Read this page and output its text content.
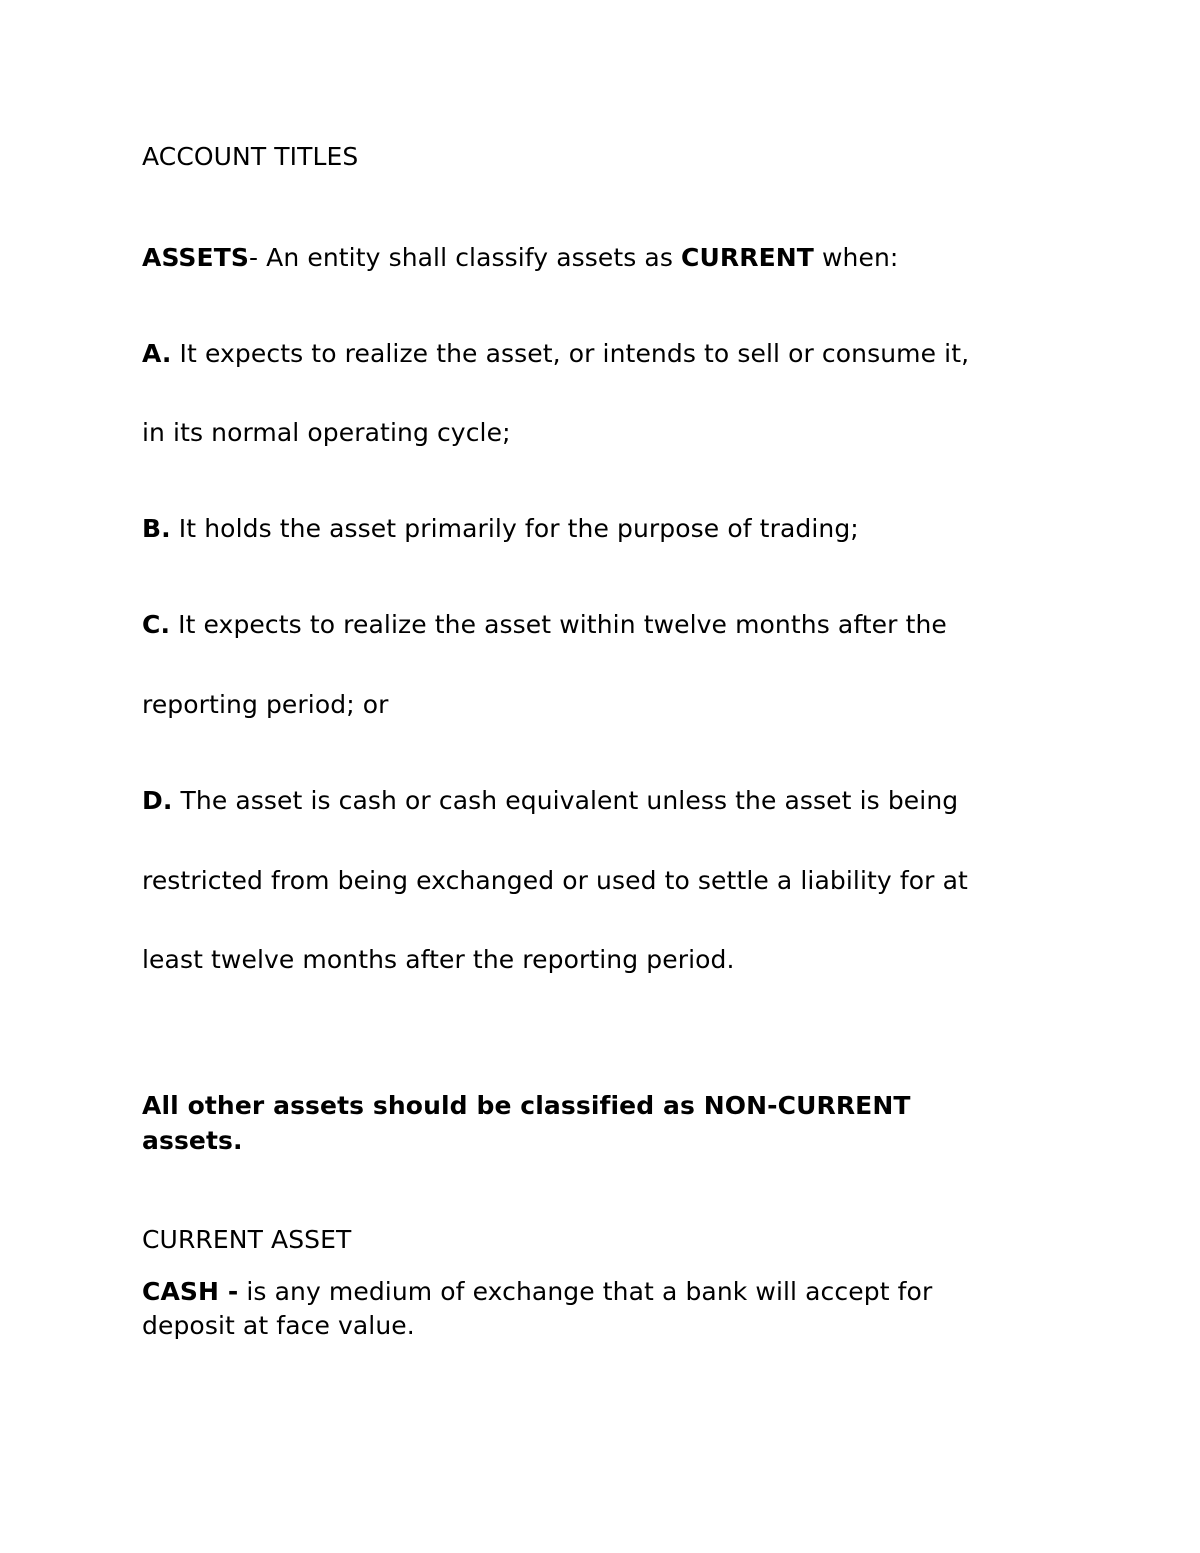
ACCOUNT TITLES
ASSETS- An entity shall classify assets as CURRENT when:
A. It expects to realize the asset, or intends to sell or consume it,
in its normal operating cycle;
B. It holds the asset primarily for the purpose of trading;
C. It expects to realize the asset within twelve months after the
reporting period; or
D. The asset is cash or cash equivalent unless the asset is being
restricted from being exchanged or used to settle a liability for at
least twelve months after the reporting period.
All other assets should be classified as NON-CURRENT
assets.
CURRENT ASSET
CASH - is any medium of exchange that a bank will accept for
deposit at face value.
